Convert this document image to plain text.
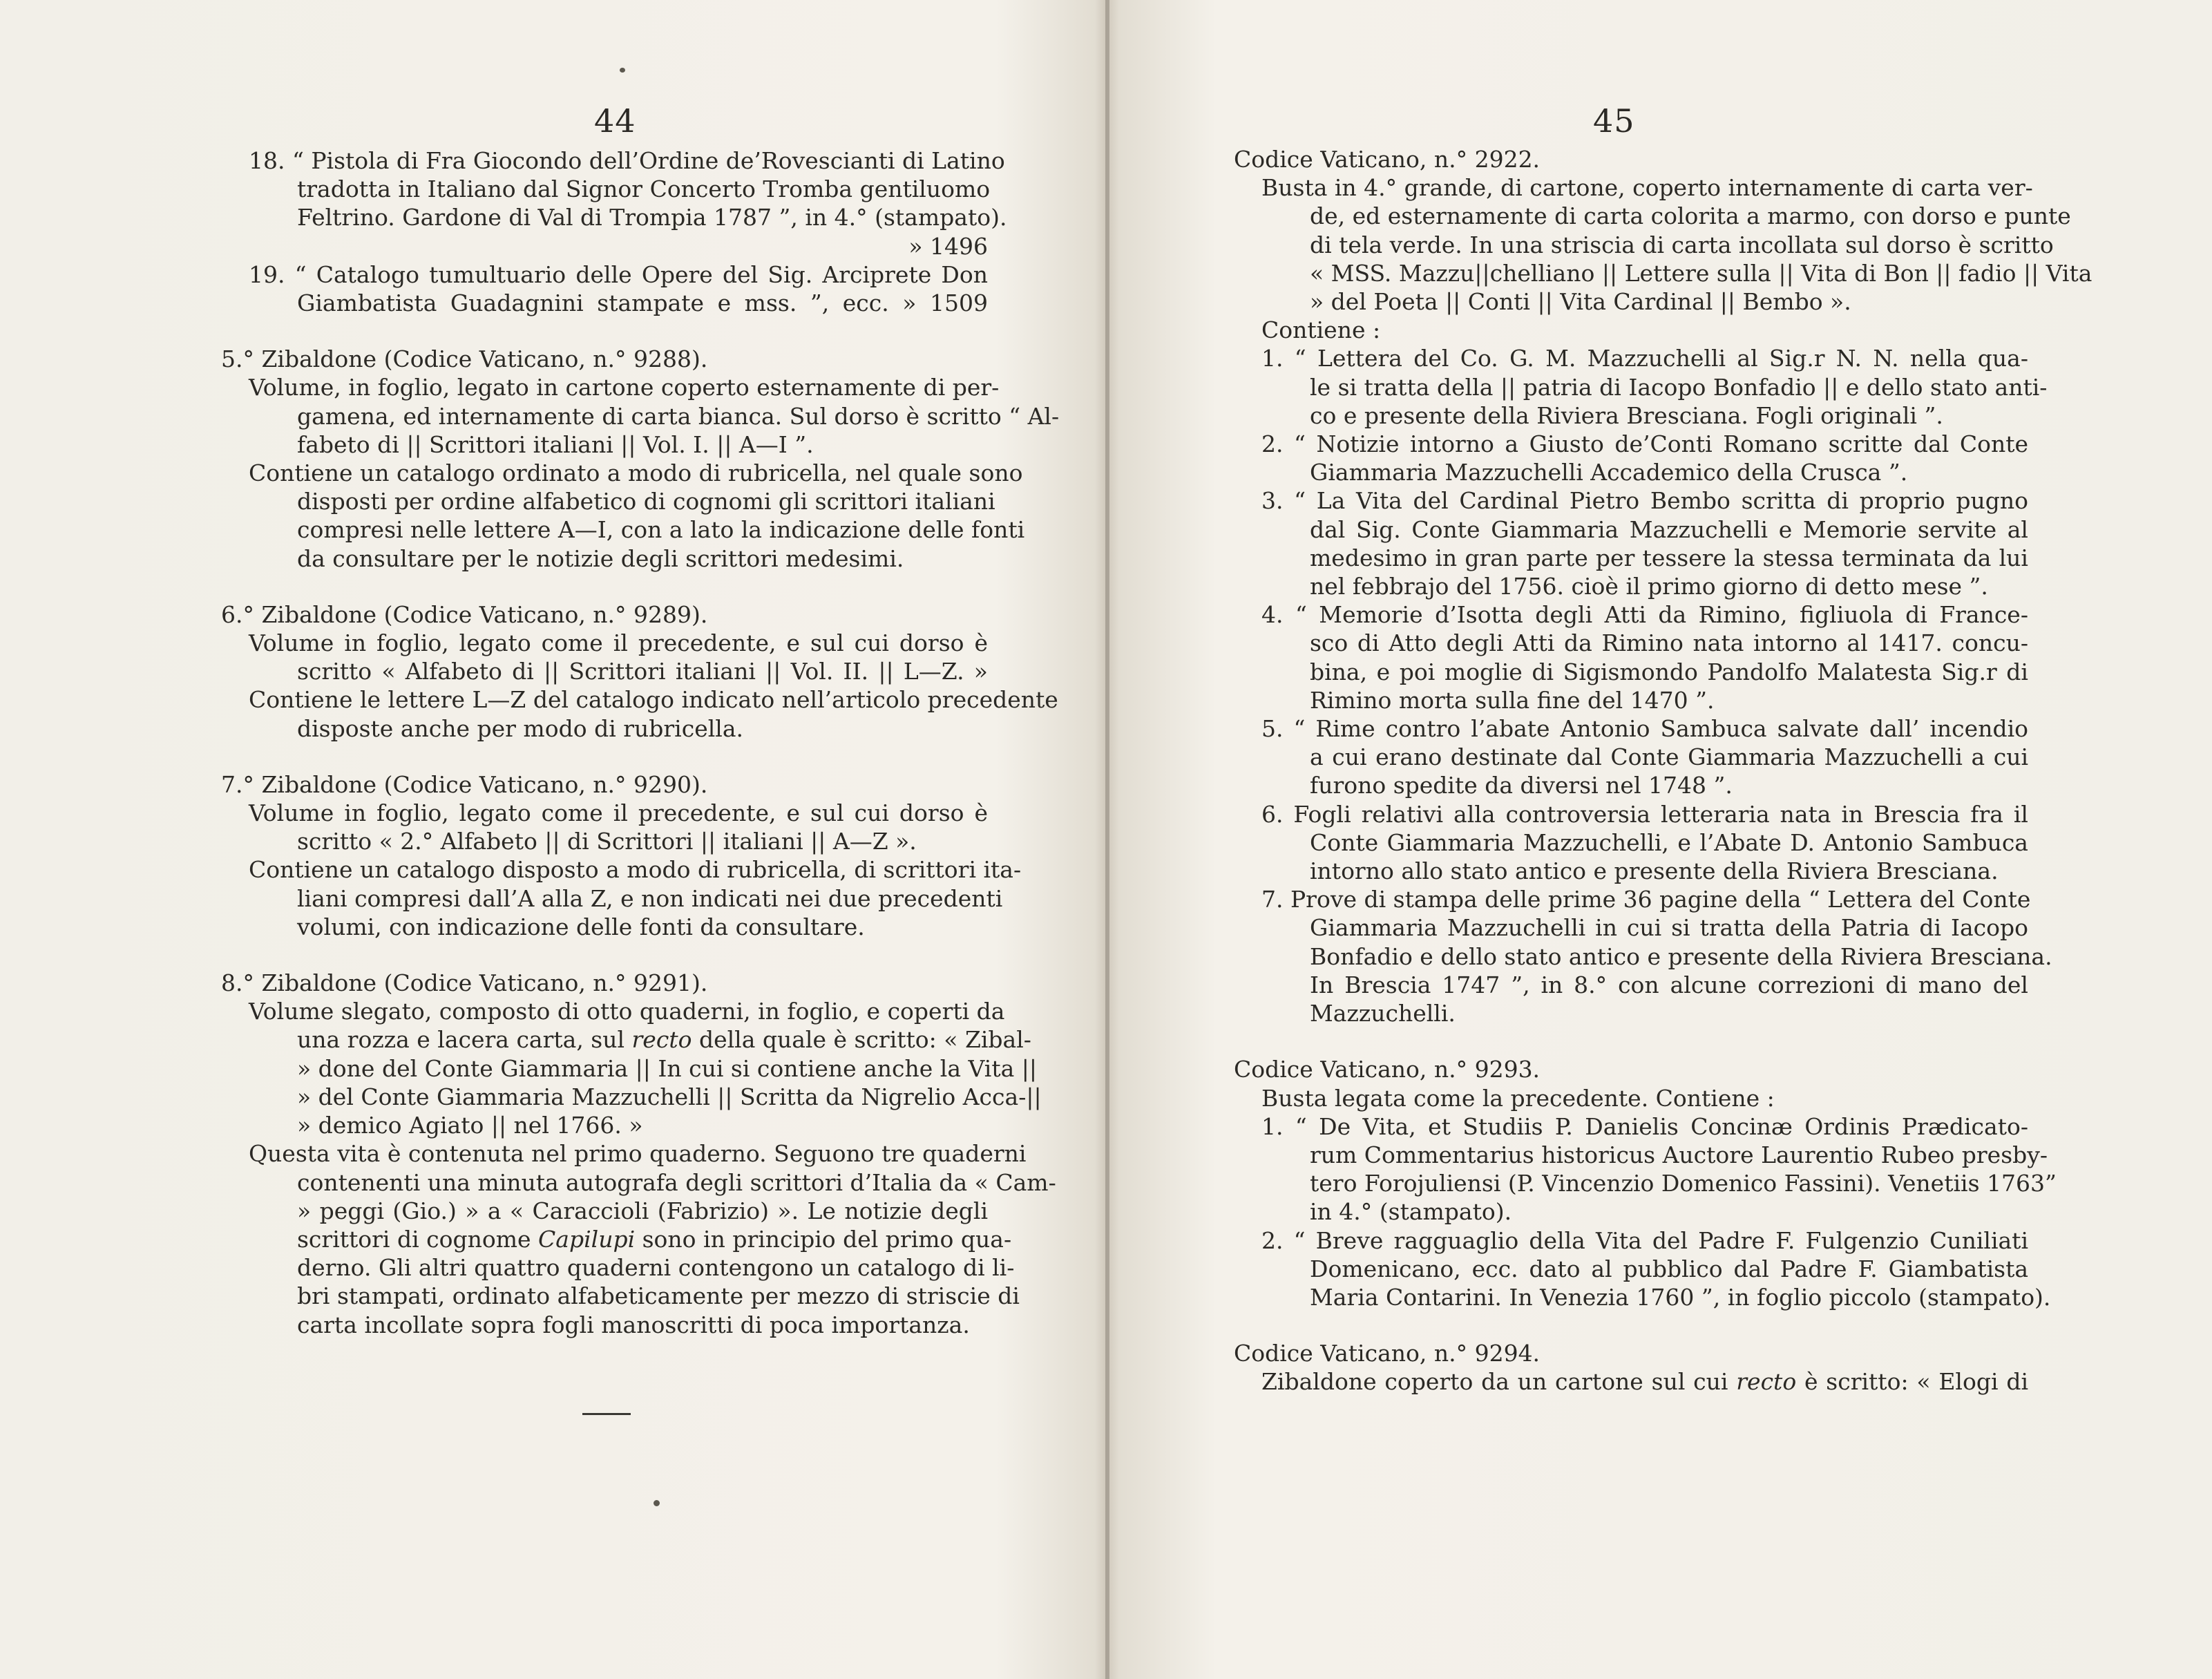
44
18. “ Pistola di Fra Giocondo dell’Ordine de’Rovescianti di Latino
tradotta in Italiano dal Signor Concerto Tromba gentiluomo
Feltrino. Gardone di Val di Trompia 1787 ”, in 4.° (stampato).
» 1496
19. “ Catalogo tumultuario delle Opere del Sig. Arciprete Don
Giambatista Guadagnini stampate e mss. ”, ecc. » 1509
5.° Zibaldone (Codice Vaticano, n.° 9288).
Volume, in foglio, legato in cartone coperto esternamente di per-
gamena, ed internamente di carta bianca. Sul dorso è scritto “ Al-
fabeto di || Scrittori italiani || Vol. I. || A—I ”.
Contiene un catalogo ordinato a modo di rubricella, nel quale sono
disposti per ordine alfabetico di cognomi gli scrittori italiani
compresi nelle lettere A—I, con a lato la indicazione delle fonti
da consultare per le notizie degli scrittori medesimi.
6.° Zibaldone (Codice Vaticano, n.° 9289).
Volume in foglio, legato come il precedente, e sul cui dorso è
scritto « Alfabeto di || Scrittori italiani || Vol. II. || L—Z. »
Contiene le lettere L—Z del catalogo indicato nell’articolo precedente
disposte anche per modo di rubricella.
7.° Zibaldone (Codice Vaticano, n.° 9290).
Volume in foglio, legato come il precedente, e sul cui dorso è
scritto « 2.° Alfabeto || di Scrittori || italiani || A—Z ».
Contiene un catalogo disposto a modo di rubricella, di scrittori ita-
liani compresi dall’A alla Z, e non indicati nei due precedenti
volumi, con indicazione delle fonti da consultare.
8.° Zibaldone (Codice Vaticano, n.° 9291).
Volume slegato, composto di otto quaderni, in foglio, e coperti da
una rozza e lacera carta, sul recto della quale è scritto: « Zibal-
» done del Conte Giammaria || In cui si contiene anche la Vita ||
» del Conte Giammaria Mazzuchelli || Scritta da Nigrelio Acca-||
» demico Agiato || nel 1766. »
Questa vita è contenuta nel primo quaderno. Seguono tre quaderni
contenenti una minuta autografa degli scrittori d’Italia da « Cam-
» peggi (Gio.) » a « Caraccioli (Fabrizio) ». Le notizie degli
scrittori di cognome Capilupi sono in principio del primo qua-
derno. Gli altri quattro quaderni contengono un catalogo di li-
bri stampati, ordinato alfabeticamente per mezzo di striscie di
carta incollate sopra fogli manoscritti di poca importanza.
45
Codice Vaticano, n.° 2922.
Busta in 4.° grande, di cartone, coperto internamente di carta ver-
de, ed esternamente di carta colorita a marmo, con dorso e punte
di tela verde. In una striscia di carta incollata sul dorso è scritto
« MSS. Mazzu||chelliano || Lettere sulla || Vita di Bon || fadio || Vita
» del Poeta || Conti || Vita Cardinal || Bembo ».
Contiene :
1. “ Lettera del Co. G. M. Mazzuchelli al Sig.r N. N. nella qua-
le si tratta della || patria di Iacopo Bonfadio || e dello stato anti-
co e presente della Riviera Bresciana. Fogli originali ”.
2. “ Notizie intorno a Giusto de’Conti Romano scritte dal Conte
Giammaria Mazzuchelli Accademico della Crusca ”.
3. “ La Vita del Cardinal Pietro Bembo scritta di proprio pugno
dal Sig. Conte Giammaria Mazzuchelli e Memorie servite al
medesimo in gran parte per tessere la stessa terminata da lui
nel febbrajo del 1756. cioè il primo giorno di detto mese ”.
4. “ Memorie d’Isotta degli Atti da Rimino, figliuola di France-
sco di Atto degli Atti da Rimino nata intorno al 1417. concu-
bina, e poi moglie di Sigismondo Pandolfo Malatesta Sig.r di
Rimino morta sulla fine del 1470 ”.
5. “ Rime contro l’abate Antonio Sambuca salvate dall’ incendio
a cui erano destinate dal Conte Giammaria Mazzuchelli a cui
furono spedite da diversi nel 1748 ”.
6. Fogli relativi alla controversia letteraria nata in Brescia fra il
Conte Giammaria Mazzuchelli, e l’Abate D. Antonio Sambuca
intorno allo stato antico e presente della Riviera Bresciana.
7. Prove di stampa delle prime 36 pagine della “ Lettera del Conte
Giammaria Mazzuchelli in cui si tratta della Patria di Iacopo
Bonfadio e dello stato antico e presente della Riviera Bresciana.
In Brescia 1747 ”, in 8.° con alcune correzioni di mano del
Mazzuchelli.
Codice Vaticano, n.° 9293.
Busta legata come la precedente. Contiene :
1. “ De Vita, et Studiis P. Danielis Concinæ Ordinis Prædicato-
rum Commentarius historicus Auctore Laurentio Rubeo presby-
tero Forojuliensi (P. Vincenzio Domenico Fassini). Venetiis 1763”
in 4.° (stampato).
2. “ Breve ragguaglio della Vita del Padre F. Fulgenzio Cuniliati
Domenicano, ecc. dato al pubblico dal Padre F. Giambatista
Maria Contarini. In Venezia 1760 ”, in foglio piccolo (stampato).
Codice Vaticano, n.° 9294.
Zibaldone coperto da un cartone sul cui recto è scritto: « Elogi di
